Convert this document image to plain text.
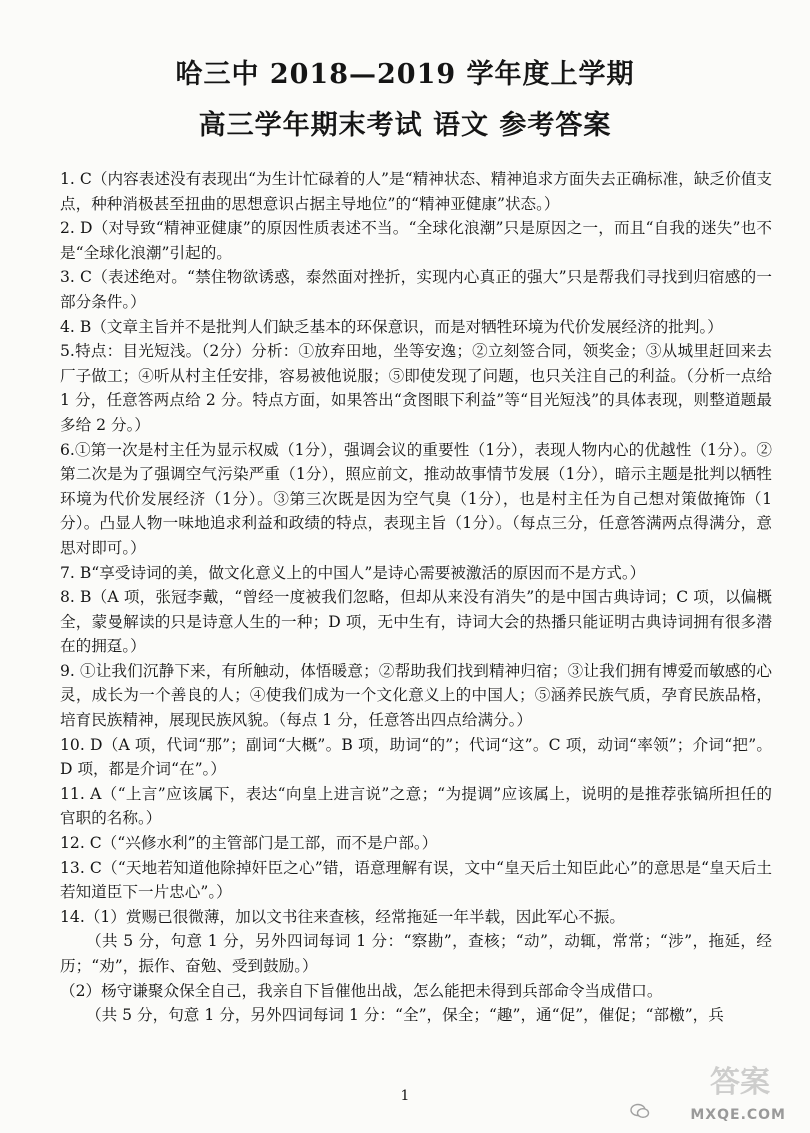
哈三中 2018—2019 学年度上学期
高三学年期末考试 语文 参考答案

1. C（内容表述没有表现出“为生计忙碌着的人”是“精神状态、精神追求方面失去正确标准，缺乏价值支点，种种消极甚至扭曲的思想意识占据主导地位”的“精神亚健康”状态。）

2. D（对导致“精神亚健康”的原因性质表述不当。“全球化浪潮”只是原因之一，而且“自我的迷失”也不是“全球化浪潮”引起的。

3. C（表述绝对。“禁住物欲诱惑，泰然面对挫折，实现内心真正的强大”只是帮我们寻找到归宿感的一部分条件。）

4. B（文章主旨并不是批判人们缺乏基本的环保意识，而是对牺牲环境为代价发展经济的批判。）

5.特点：目光短浅。（2分）分析：①放弃田地，坐等安逸；②立刻签合同，领奖金；③从城里赶回来去厂子做工；④听从村主任安排，容易被他说服；⑤即使发现了问题，也只关注自己的利益。（分析一点给 1 分，任意答两点给 2 分。特点方面，如果答出“贪图眼下利益”等“目光短浅”的具体表现，则整道题最多给 2 分。）

6.①第一次是村主任为显示权威（1分），强调会议的重要性（1分），表现人物内心的优越性（1分）。②第二次是为了强调空气污染严重（1分），照应前文，推动故事情节发展（1分），暗示主题是批判以牺牲环境为代价发展经济（1分）。③第三次既是因为空气臭（1分），也是村主任为自己想对策做掩饰（1分）。凸显人物一味地追求利益和政绩的特点，表现主旨（1分）。（每点三分，任意答满两点得满分，意思对即可。）

7. B“享受诗词的美，做文化意义上的中国人”是诗心需要被激活的原因而不是方式。）

8. B（A 项，张冠李戴，“曾经一度被我们忽略，但却从来没有消失”的是中国古典诗词；C 项，以偏概全，蒙曼解读的只是诗意人生的一种；D 项，无中生有，诗词大会的热播只能证明古典诗词拥有很多潜在的拥趸。）

9. ①让我们沉静下来，有所触动，体悟暖意；②帮助我们找到精神归宿；③让我们拥有博爱而敏感的心灵，成长为一个善良的人；④使我们成为一个文化意义上的中国人；⑤涵养民族气质，孕育民族品格，培育民族精神，展现民族风貌。（每点 1 分，任意答出四点给满分。）

10. D（A 项，代词“那”；副词“大概”。B 项，助词“的”；代词“这”。C 项，动词“率领”；介词“把”。D 项，都是介词“在”。）

11. A（“上言”应该属下，表达“向皇上进言说”之意；“为提调”应该属上，说明的是推荐张镐所担任的官职的名称。）

12. C（“兴修水利”的主管部门是工部，而不是户部。）

13. C（“天地若知道他除掉奸臣之心”错，语意理解有误，文中“皇天后土知臣此心”的意思是“皇天后土若知道臣下一片忠心”。）

14.（1）赏赐已很微薄，加以文书往来查核，经常拖延一年半载，因此军心不振。

（共 5 分，句意 1 分，另外四词每词 1 分：“察勘”，查核；“动”，动辄，常常；“涉”，拖延，经历；“劝”，振作、奋勉、受到鼓励。）

（2）杨守谦聚众保全自己，我亲自下旨催他出战，怎么能把未得到兵部命令当成借口。

（共 5 分，句意 1 分，另外四词每词 1 分：“全”，保全；“趣”，通“促”，催促；“部檄”，兵

1	答案
MXQE.COM
